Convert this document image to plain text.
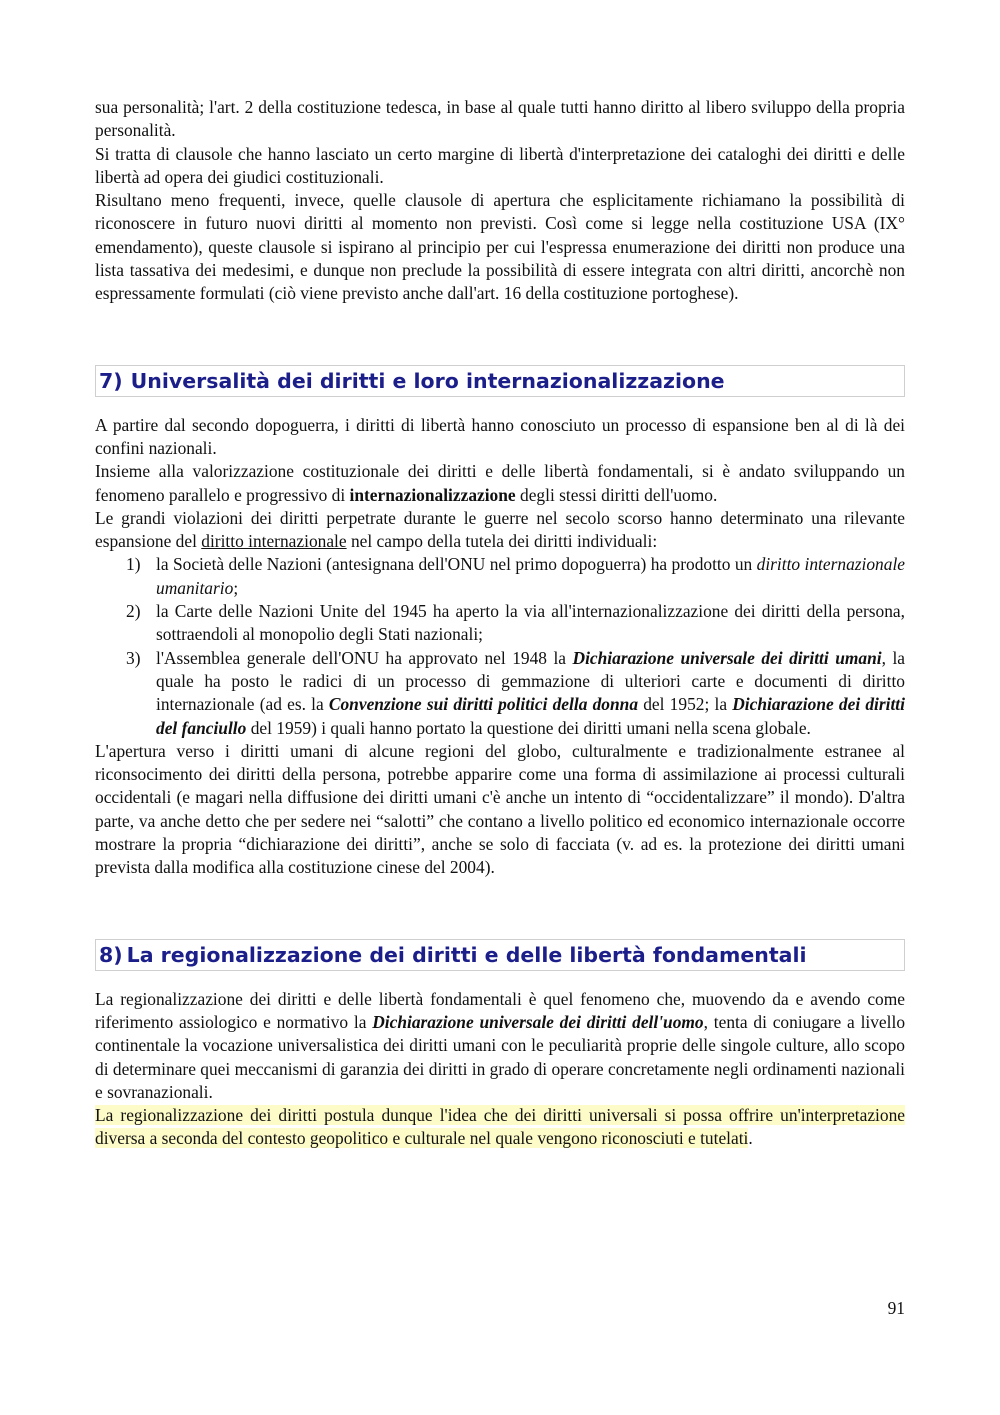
sua personalità; l'art. 2 della costituzione tedesca, in base al quale tutti hanno diritto al libero sviluppo della propria personalità.

Si tratta di clausole che hanno lasciato un certo margine di libertà d'interpretazione dei cataloghi dei diritti e delle libertà ad opera dei giudici costituzionali.

Risultano meno frequenti, invece, quelle clausole di apertura che esplicitamente richiamano la possibilità di riconoscere in futuro nuovi diritti al momento non previsti. Così come si legge nella costituzione USA (IX° emendamento), queste clausole si ispirano al principio per cui l'espressa enumerazione dei diritti non produce una lista tassativa dei medesimi, e dunque non preclude la possibilità di essere integrata con altri diritti, ancorchè non espressamente formulati (ciò viene previsto anche dall'art. 16 della costituzione portoghese).

7) Universalità dei diritti e loro internazionalizzazione

A partire dal secondo dopoguerra, i diritti di libertà hanno conosciuto un processo di espansione ben al di là dei confini nazionali.

Insieme alla valorizzazione costituzionale dei diritti e delle libertà fondamentali, si è andato sviluppando un fenomeno parallelo e progressivo di internazionalizzazione degli stessi diritti dell'uomo.

Le grandi violazioni dei diritti perpetrate durante le guerre nel secolo scorso hanno determinato una rilevante espansione del diritto internazionale nel campo della tutela dei diritti individuali:

1) la Società delle Nazioni (antesignana dell'ONU nel primo dopoguerra) ha prodotto un diritto internazionale umanitario;
2) la Carte delle Nazioni Unite del 1945 ha aperto la via all'internazionalizzazione dei diritti della persona, sottraendoli al monopolio degli Stati nazionali;
3) l'Assemblea generale dell'ONU ha approvato nel 1948 la Dichiarazione universale dei diritti umani, la quale ha posto le radici di un processo di gemmazione di ulteriori carte e documenti di diritto internazionale (ad es. la Convenzione sui diritti politici della donna del 1952; la Dichiarazione dei diritti del fanciullo del 1959) i quali hanno portato la questione dei diritti umani nella scena globale.

L'apertura verso i diritti umani di alcune regioni del globo, culturalmente e tradizionalmente estranee al riconsocimento dei diritti della persona, potrebbe apparire come una forma di assimilazione ai processi culturali occidentali (e magari nella diffusione dei diritti umani c'è anche un intento di “occidentalizzare” il mondo). D'altra parte, va anche detto che per sedere nei “salotti” che contano a livello politico ed economico internazionale occorre mostrare la propria “dichiarazione dei diritti”, anche se solo di facciata (v. ad es. la protezione dei diritti umani prevista dalla modifica alla costituzione cinese del 2004).

8) La regionalizzazione dei diritti e delle libertà fondamentali

La regionalizzazione dei diritti e delle libertà fondamentali è quel fenomeno che, muovendo da e avendo come riferimento assiologico e normativo la Dichiarazione universale dei diritti dell'uomo, tenta di coniugare a livello continentale la vocazione universalistica dei diritti umani con le peculiarità proprie delle singole culture, allo scopo di determinare quei meccanismi di garanzia dei diritti in grado di operare concretamente negli ordinamenti nazionali e sovranazionali.

La regionalizzazione dei diritti postula dunque l'idea che dei diritti universali si possa offrire un'interpretazione diversa a seconda del contesto geopolitico e culturale nel quale vengono riconosciuti e tutelati.

91
